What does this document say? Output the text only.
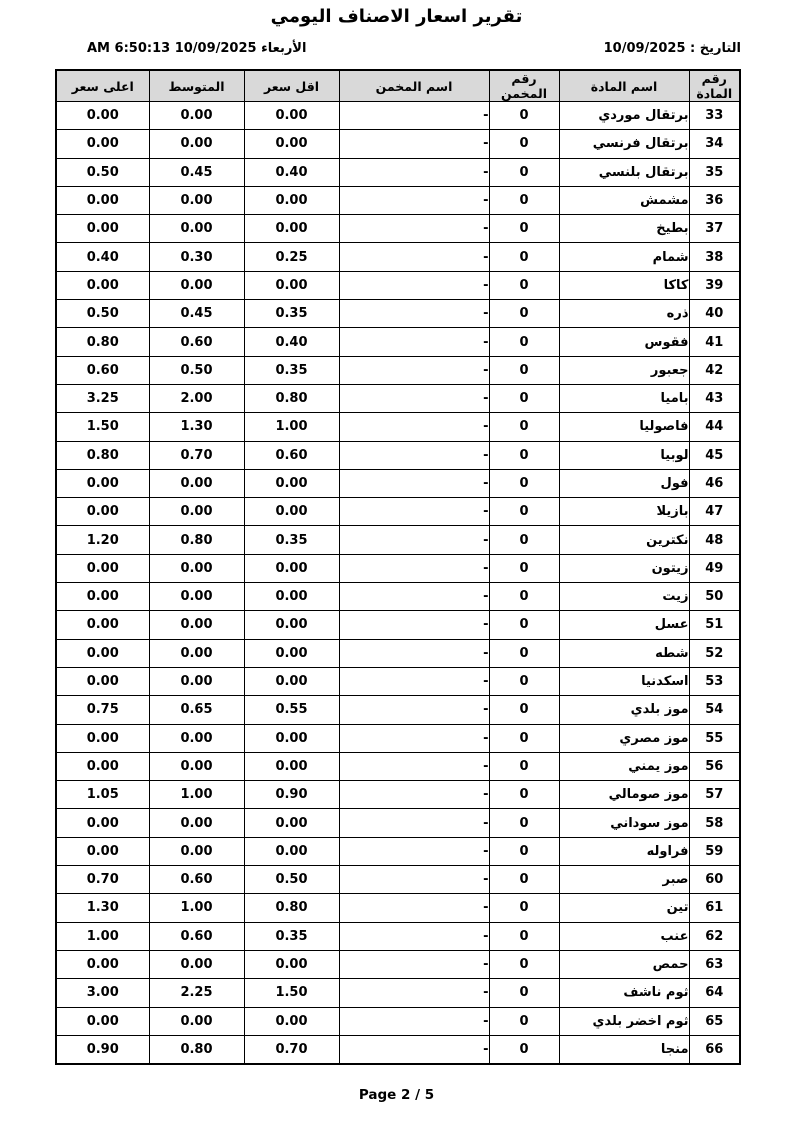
تقرير اسعار الاصناف اليومي
التاريخ : 10/09/2025
الأربعاء 10/09/2025 6:50:13 AM
رقم المادة	اسم المادة	رقم المخمن	اسم المخمن	اقل سعر	المتوسط	اعلى سعر
33	برتقال موردي	0	-	0.00	0.00	0.00
34	برتقال فرنسي	0	-	0.00	0.00	0.00
35	برتقال بلنسي	0	-	0.40	0.45	0.50
36	مشمش	0	-	0.00	0.00	0.00
37	بطيخ	0	-	0.00	0.00	0.00
38	شمام	0	-	0.25	0.30	0.40
39	كاكا	0	-	0.00	0.00	0.00
40	ذره	0	-	0.35	0.45	0.50
41	فقوس	0	-	0.40	0.60	0.80
42	جعبور	0	-	0.35	0.50	0.60
43	باميا	0	-	0.80	2.00	3.25
44	فاصوليا	0	-	1.00	1.30	1.50
45	لوبيا	0	-	0.60	0.70	0.80
46	فول	0	-	0.00	0.00	0.00
47	بازيلا	0	-	0.00	0.00	0.00
48	نكترين	0	-	0.35	0.80	1.20
49	زيتون	0	-	0.00	0.00	0.00
50	زيت	0	-	0.00	0.00	0.00
51	عسل	0	-	0.00	0.00	0.00
52	شطه	0	-	0.00	0.00	0.00
53	اسكدنيا	0	-	0.00	0.00	0.00
54	موز بلدي	0	-	0.55	0.65	0.75
55	موز مصري	0	-	0.00	0.00	0.00
56	موز يمني	0	-	0.00	0.00	0.00
57	موز صومالي	0	-	0.90	1.00	1.05
58	موز سوداني	0	-	0.00	0.00	0.00
59	فراوله	0	-	0.00	0.00	0.00
60	صبر	0	-	0.50	0.60	0.70
61	تين	0	-	0.80	1.00	1.30
62	عنب	0	-	0.35	0.60	1.00
63	حمص	0	-	0.00	0.00	0.00
64	ثوم ناشف	0	-	1.50	2.25	3.00
65	ثوم اخضر بلدي	0	-	0.00	0.00	0.00
66	منجا	0	-	0.70	0.80	0.90
Page 2 / 5
